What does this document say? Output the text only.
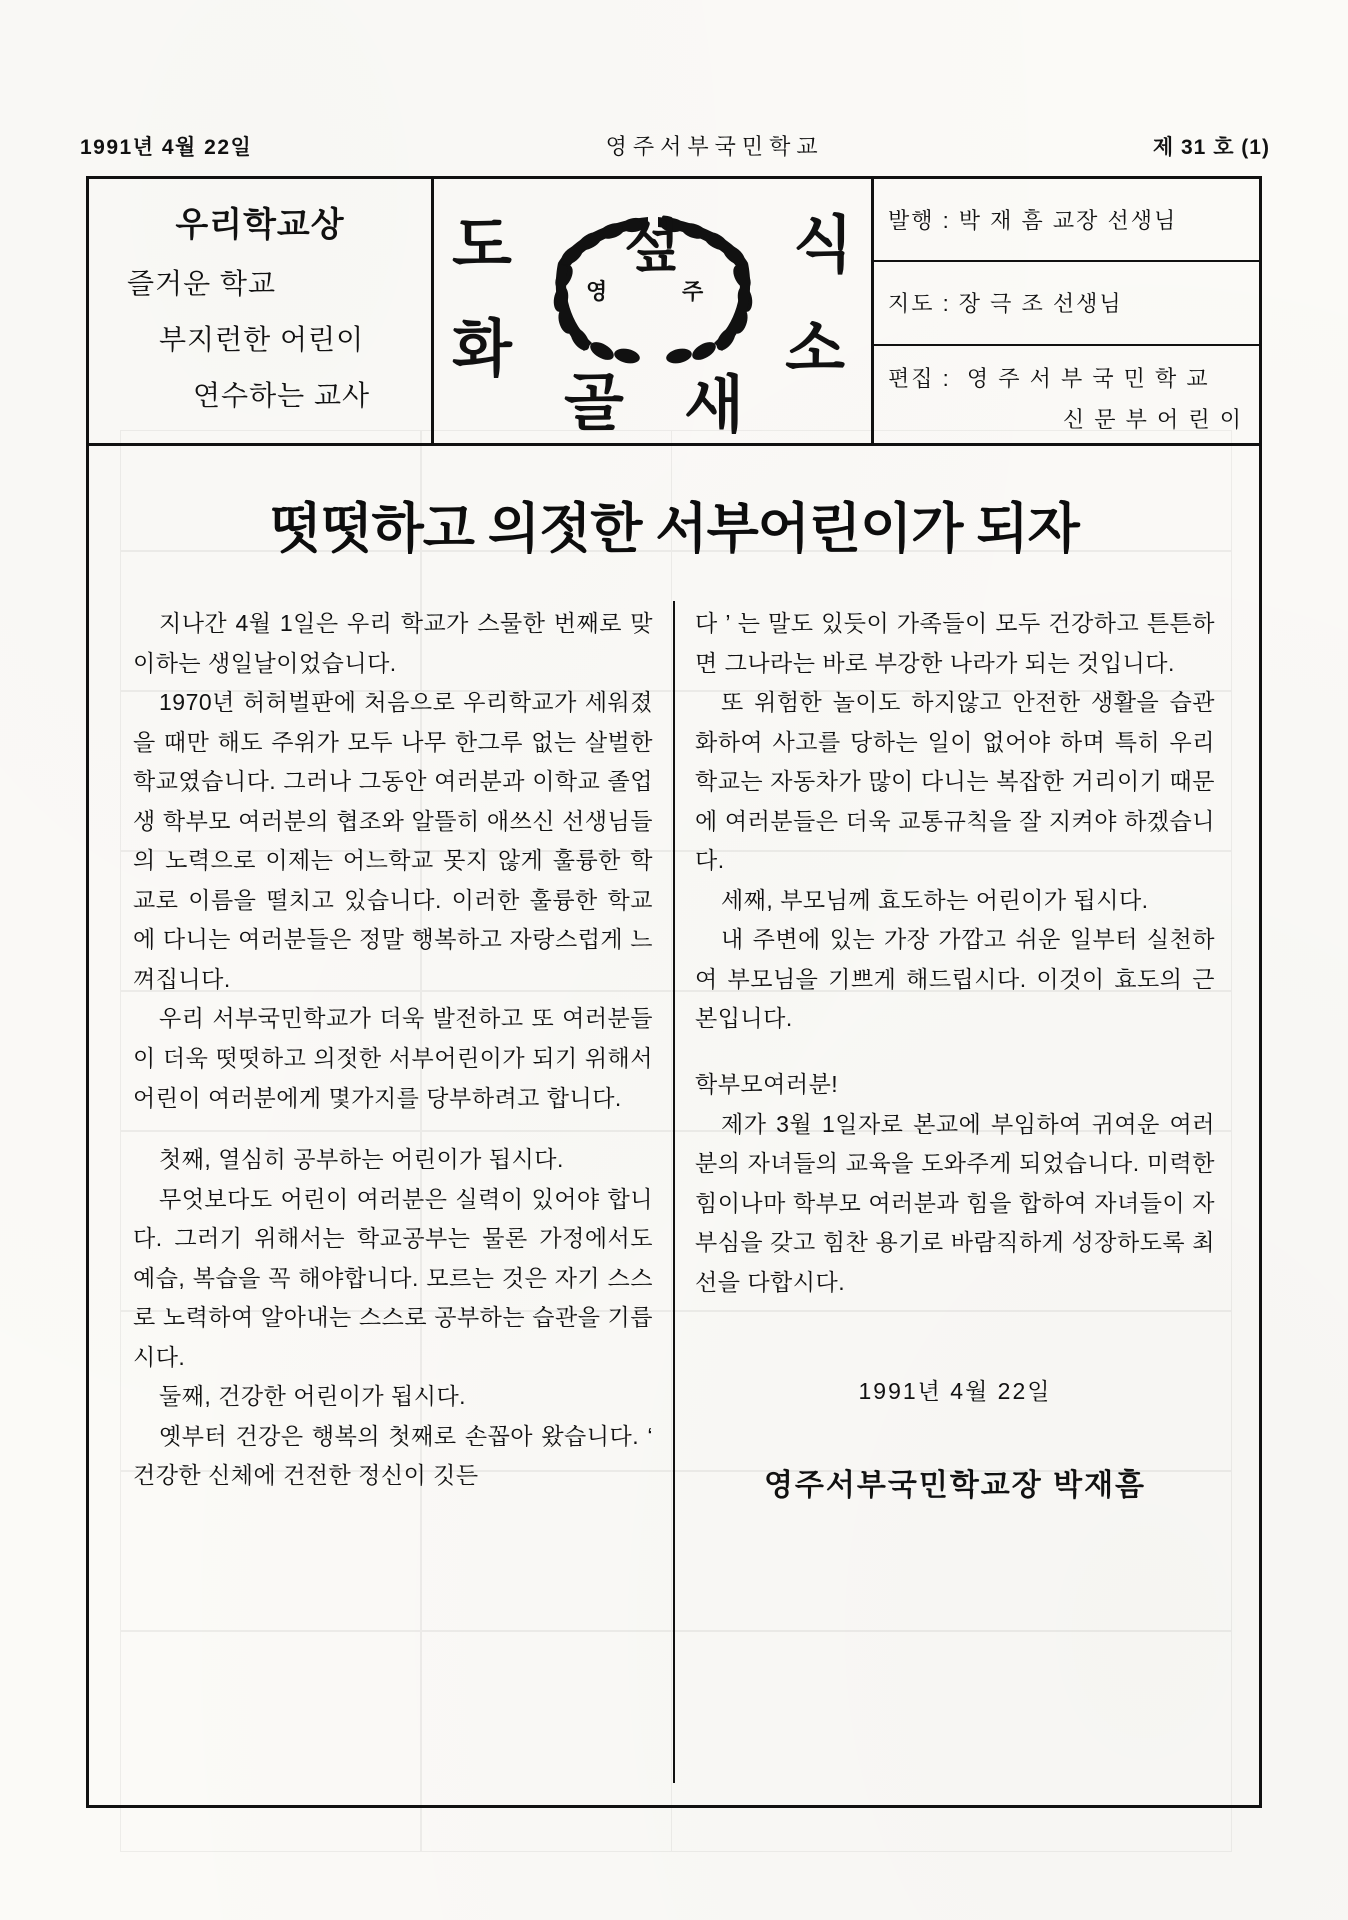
1991년 4월 22일	영주서부국민학교	제 31 호 (1)
우리학교상
즐거운 학교
부지런한 어린이
연수하는 교사
도
화
식
소
골 새
섶
영	주
발행 : 박 재 흠 교장 선생님
지도 : 장 극 조 선생님
편집 : 영 주 서 부 국 민 학 교
신 문 부 어 린 이
떳떳하고 의젓한 서부어린이가 되자

지나간 4월 1일은 우리 학교가 스물한 번째로 맞이하는 생일날이었습니다.

1970년 허허벌판에 처음으로 우리학교가 세워졌을 때만 해도 주위가 모두 나무 한그루 없는 살벌한 학교였습니다. 그러나 그동안 여러분과 이학교 졸업생 학부모 여러분의 협조와 알뜰히 애쓰신 선생님들의 노력으로 이제는 어느학교 못지 않게 훌륭한 학교로 이름을 떨치고 있습니다. 이러한 훌륭한 학교에 다니는 여러분들은 정말 행복하고 자랑스럽게 느껴집니다.

우리 서부국민학교가 더욱 발전하고 또 여러분들이 더욱 떳떳하고 의젓한 서부어린이가 되기 위해서 어린이 여러분에게 몇가지를 당부하려고 합니다.

첫째, 열심히 공부하는 어린이가 됩시다.

무엇보다도 어린이 여러분은 실력이 있어야 합니다. 그러기 위해서는 학교공부는 물론 가정에서도 예습, 복습을 꼭 해야합니다. 모르는 것은 자기 스스로 노력하여 알아내는 스스로 공부하는 습관을 기릅시다.

둘째, 건강한 어린이가 됩시다.

옛부터 건강은 행복의 첫째로 손꼽아 왔습니다. ‘ 건강한 신체에 건전한 정신이 깃든

다 ’ 는 말도 있듯이 가족들이 모두 건강하고 튼튼하면 그나라는 바로 부강한 나라가 되는 것입니다.

또 위험한 놀이도 하지않고 안전한 생활을 습관화하여 사고를 당하는 일이 없어야 하며 특히 우리학교는 자동차가 많이 다니는 복잡한 거리이기 때문에 여러분들은 더욱 교통규칙을 잘 지켜야 하겠습니다.

세째, 부모님께 효도하는 어린이가 됩시다.

내 주변에 있는 가장 가깝고 쉬운 일부터 실천하여 부모님을 기쁘게 해드립시다. 이것이 효도의 근본입니다.

학부모여러분!

제가 3월 1일자로 본교에 부임하여 귀여운 여러분의 자녀들의 교육을 도와주게 되었습니다. 미력한 힘이나마 학부모 여러분과 힘을 합하여 자녀들이 자부심을 갖고 힘찬 용기로 바람직하게 성장하도록 최선을 다합시다.

1991년 4월 22일

영주서부국민학교장 박재흠
